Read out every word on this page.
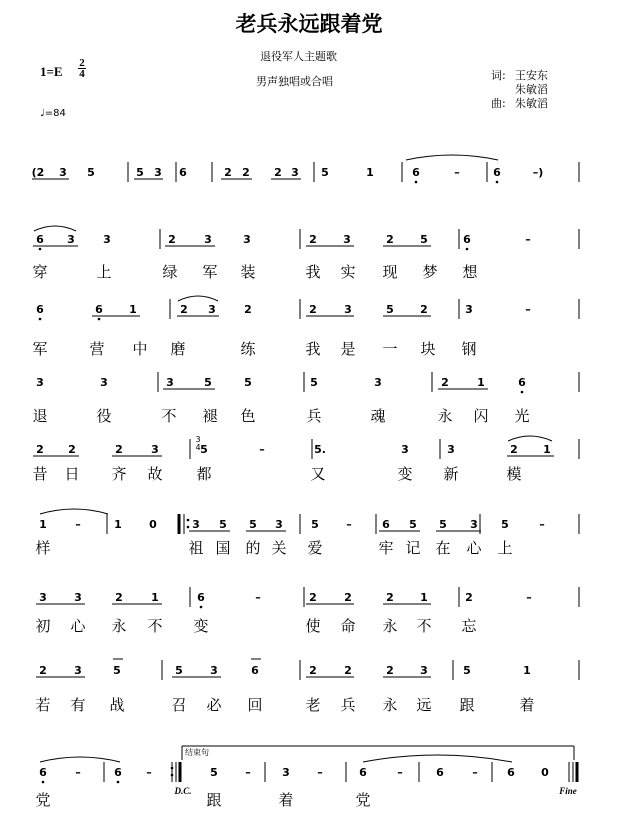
老兵永远跟着党
退役军人主题歌
男声独唱或合唱
1=E
2
4
♩=84
词: 王安东
朱敏滔
曲: 朱敏滔
(2 3 5	5 3 6	2 2 2 3 5	1	6	–	6	–)
6 3	3	2	3	3	2 3	2 5	6	–
穿	上	绿 军 装	我 实 现 梦 想
6	6 1	2 3	2	2 3	5 2	3	–
军	营 中 磨	练	我 是 一 块 钢
3	3	3	5	5	5	3	2	1	6
退	役	不 褪 色	兵	魂	永 闪 光
2 2	2	3	5	–	5.	3	3	2 1
昔 日 齐 故 都	又	变 新	模
1	–	1 0	3 5 5 3	5 –	6 5 5 3 5	–
样	祖 国 的 关 爱	牢 记 在 心 上
3 3	2	1	6	–	2 2	2 1	2	–
初 心 永 不 变	使 命 永 不 忘
2 3	5	5 3	6	2 2	2 3	5	1
若 有 战	召 必 回	老 兵 永 远 跟	着
6	–	6 –	5 –	3 –	6	–	6	–	6 0
党	跟	着	党
3
4
结束句
D.C.	Fine
